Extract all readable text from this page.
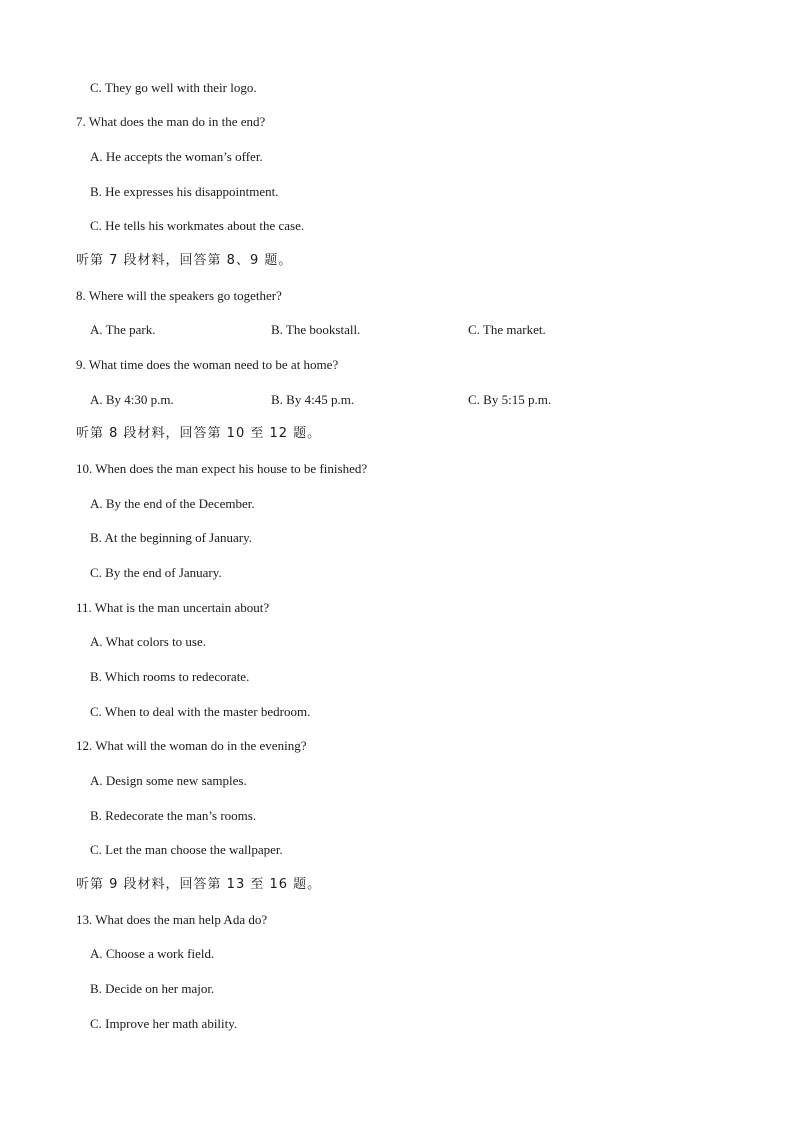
C. They go well with their logo.
7. What does the man do in the end?
A. He accepts the woman’s offer.
B. He expresses his disappointment.
C. He tells his workmates about the case.
听第 7 段材料，回答第 8、9 题。
8. Where will the speakers go together?
A. The park.	B. The bookstall.	C. The market.
9. What time does the woman need to be at home?
A. By 4:30 p.m.	B. By 4:45 p.m.	C. By 5:15 p.m.
听第 8 段材料，回答第 10 至 12 题。
10. When does the man expect his house to be finished?
A. By the end of the December.
B. At the beginning of January.
C. By the end of January.
11. What is the man uncertain about?
A. What colors to use.
B. Which rooms to redecorate.
C. When to deal with the master bedroom.
12. What will the woman do in the evening?
A. Design some new samples.
B. Redecorate the man’s rooms.
C. Let the man choose the wallpaper.
听第 9 段材料，回答第 13 至 16 题。
13. What does the man help Ada do?
A. Choose a work field.
B. Decide on her major.
C. Improve her math ability.
